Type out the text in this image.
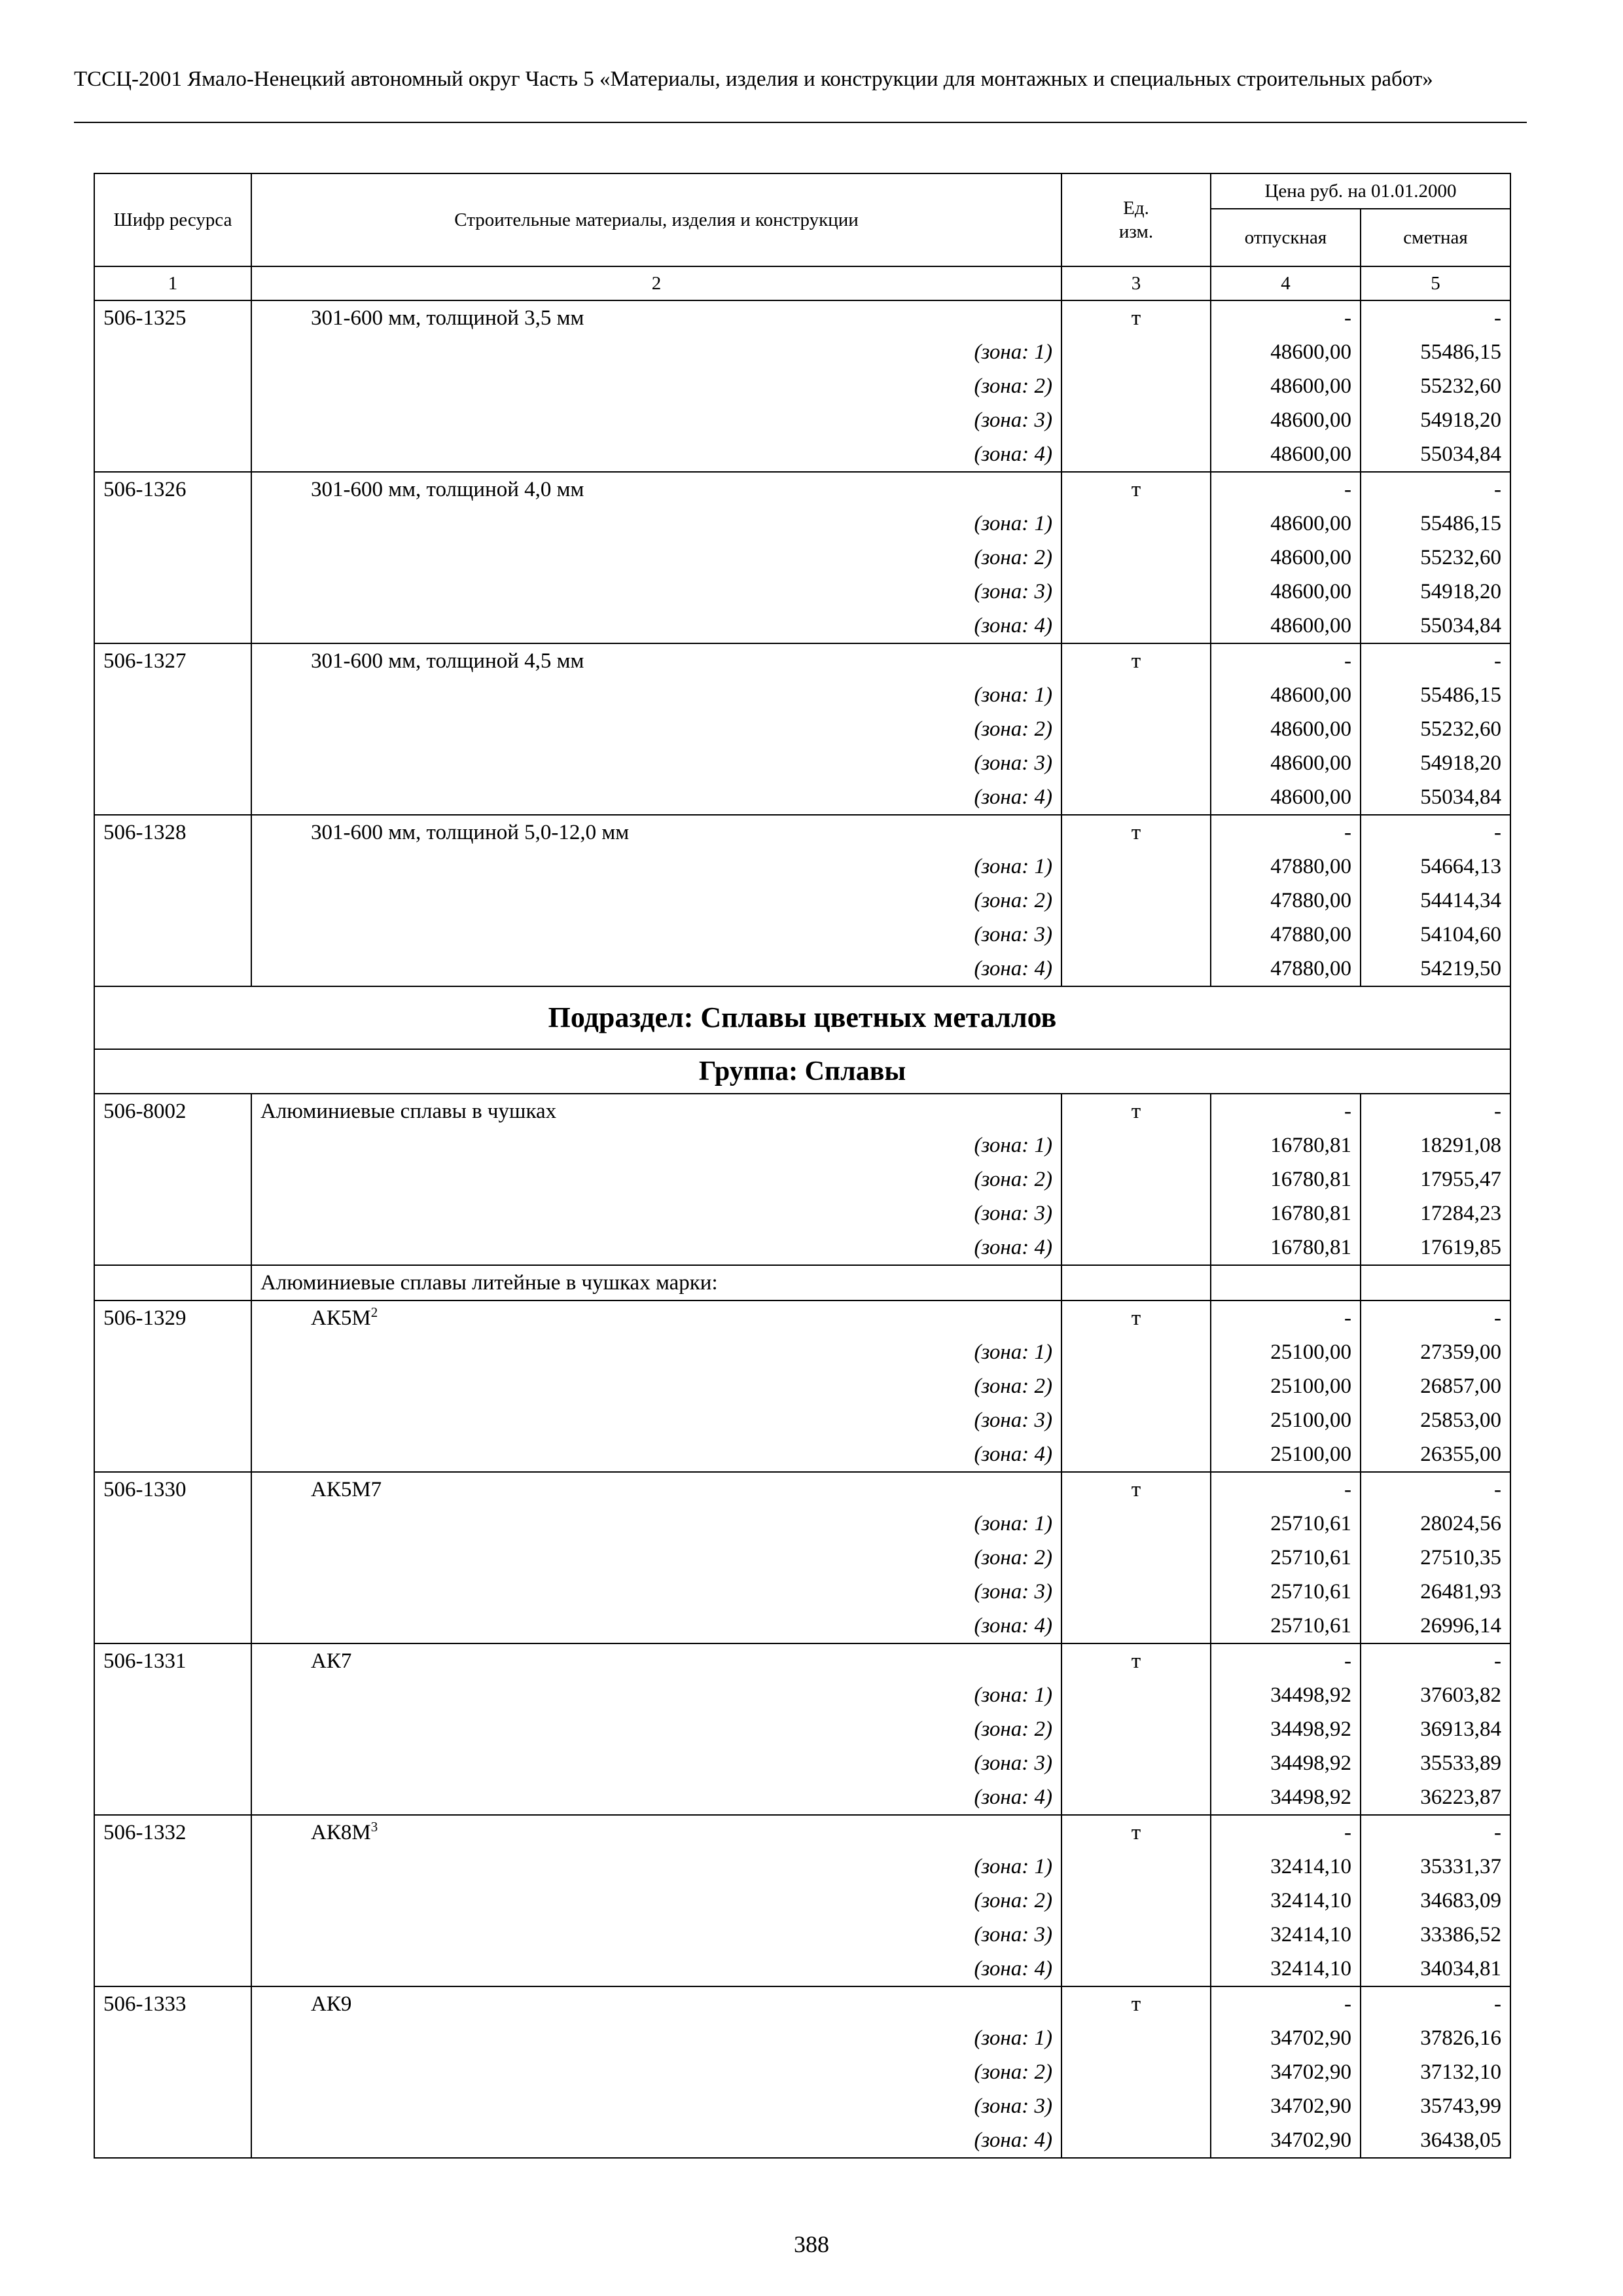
ТССЦ-2001 Ямало-Ненецкий автономный округ Часть 5 «Материалы, изделия и конструкции для монтажных и специальных строительных работ»
Шифр ресурса	Строительные материалы, изделия и конструкции	Ед. изм.	Цена руб. на 01.01.2000	
			отпускная	сметная
1	2	3	4	5
506-1325	301-600 мм, толщиной 3,5 мм	т	-	-
	(зона: 1)		48600,00	55486,15
	(зона: 2)		48600,00	55232,60
	(зона: 3)		48600,00	54918,20
	(зона: 4)		48600,00	55034,84
506-1326	301-600 мм, толщиной 4,0 мм	т	-	-
	(зона: 1)		48600,00	55486,15
	(зона: 2)		48600,00	55232,60
	(зона: 3)		48600,00	54918,20
	(зона: 4)		48600,00	55034,84
506-1327	301-600 мм, толщиной 4,5 мм	т	-	-
	(зона: 1)		48600,00	55486,15
	(зона: 2)		48600,00	55232,60
	(зона: 3)		48600,00	54918,20
	(зона: 4)		48600,00	55034,84
506-1328	301-600 мм, толщиной 5,0-12,0 мм	т	-	-
	(зона: 1)		47880,00	54664,13
	(зона: 2)		47880,00	54414,34
	(зона: 3)		47880,00	54104,60
	(зона: 4)		47880,00	54219,50
Подраздел: Сплавы цветных металлов				
Группа: Сплавы				
506-8002	Алюминиевые сплавы в чушках	т	-	-
	(зона: 1)		16780,81	18291,08
	(зона: 2)		16780,81	17955,47
	(зона: 3)		16780,81	17284,23
	(зона: 4)		16780,81	17619,85
	Алюминиевые сплавы литейные в чушках марки:			
506-1329	$АК5М^2$	т	-	-
	(зона: 1)		25100,00	27359,00
	(зона: 2)		25100,00	26857,00
	(зона: 3)		25100,00	25853,00
	(зона: 4)		25100,00	26355,00
506-1330	АК5М7	т	-	-
	(зона: 1)		25710,61	28024,56
	(зона: 2)		25710,61	27510,35
	(зона: 3)		25710,61	26481,93
	(зона: 4)		25710,61	26996,14
506-1331	АК7	т	-	-
	(зона: 1)		34498,92	37603,82
	(зона: 2)		34498,92	36913,84
	(зона: 3)		34498,92	35533,89
	(зона: 4)		34498,92	36223,87
506-1332	$АК8М^3$	т	-	-
	(зона: 1)		32414,10	35331,37
	(зона: 2)		32414,10	34683,09
	(зона: 3)		32414,10	33386,52
	(зона: 4)		32414,10	34034,81
506-1333	АК9	т	-	-
	(зона: 1)		34702,90	37826,16
	(зона: 2)		34702,90	37132,10
	(зона: 3)		34702,90	35743,99
	(зона: 4)		34702,90	36438,05
388
